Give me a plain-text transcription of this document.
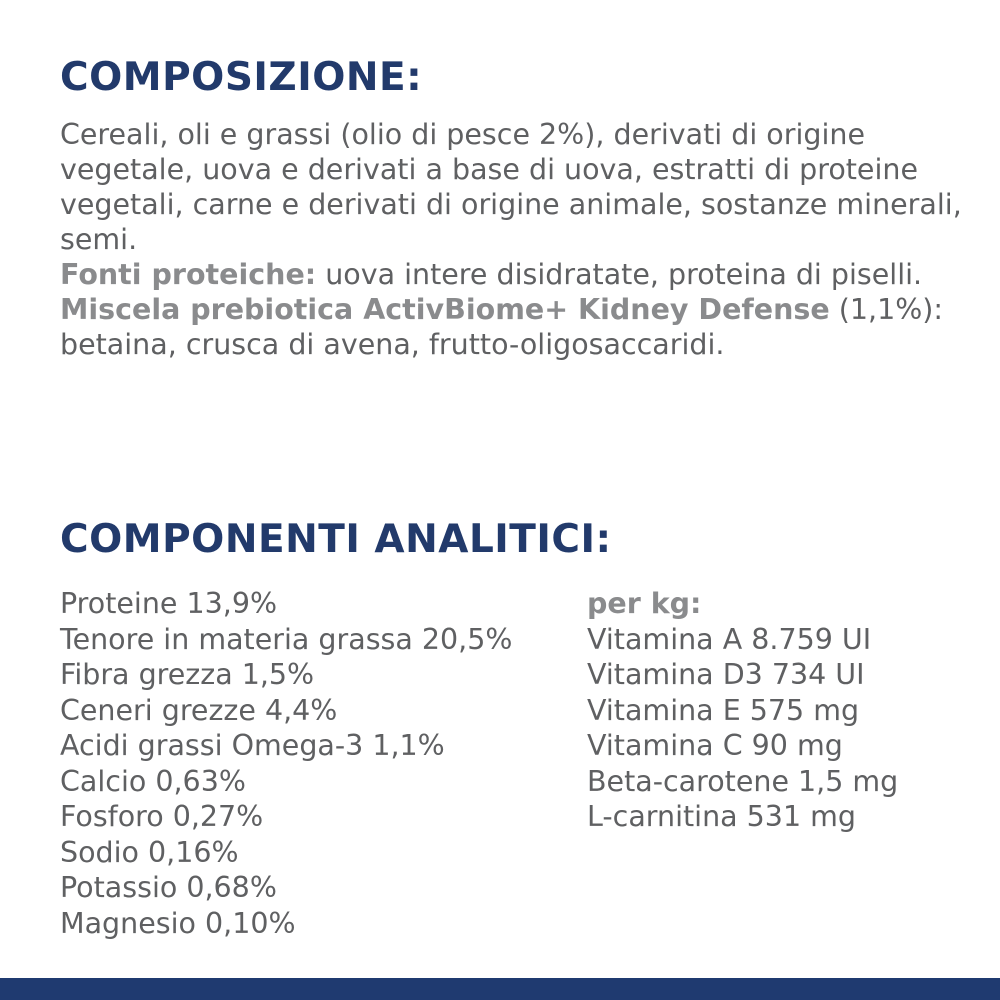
COMPOSIZIONE:

Cereali, oli e grassi (olio di pesce 2%), derivati di origine vegetale, uova e derivati a base di uova, estratti di proteine vegetali, carne e derivati di origine animale, sostanze minerali, semi.

Fonti proteiche: uova intere disidratate, proteina di piselli.

Miscela prebiotica ActivBiome+ Kidney Defense (1,1%): betaina, crusca di avena, frutto-oligosaccaridi.

COMPONENTI ANALITICI:
Proteine 13,9%
Tenore in materia grassa 20,5%
Fibra grezza 1,5%
Ceneri grezze 4,4%
Acidi grassi Omega-3 1,1%
Calcio 0,63%
Fosforo 0,27%
Sodio 0,16%
Potassio 0,68%
Magnesio 0,10%
per kg:
Vitamina A 8.759 UI
Vitamina D3 734 UI
Vitamina E 575 mg
Vitamina C 90 mg
Beta-carotene 1,5 mg
L-carnitina 531 mg
